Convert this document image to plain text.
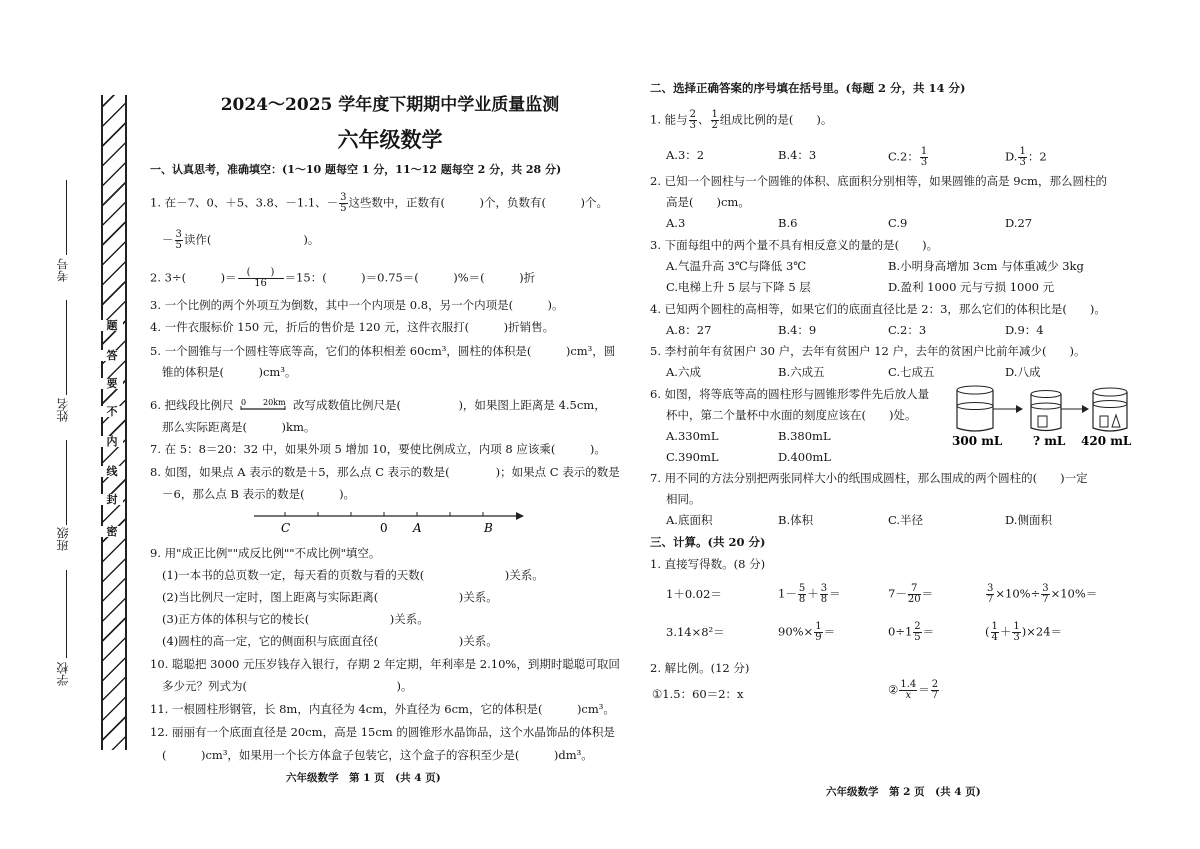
考号
姓名
班级
学校
题
答
要
不
内
线
封
密
2024～2025 学年度下期期中学业质量监测
六年级数学
一、认真思考，准确填空：(1～10 题每空 1 分，11～12 题每空 2 分，共 28 分)
1. 在－7、0、＋5、3.8、－1.1、－ $\frac{3}{5}$ 这些数中，正数有(　　　)个，负数有(　　　)个。
－ $\frac{3}{5}$ 读作(　　　　　　　　)。
2. 3÷(　　　)＝ $\frac{( )}{16} =15$：(　　　)＝0.75＝(　　　)%＝(　　　)折
3. 一个比例的两个外项互为倒数，其中一个内项是 0.8，另一个内项是(　　　)。
4. 一件衣服标价 150 元，折后的售价是 120 元，这件衣服打(　　　)折销售。
5. 一个圆锥与一个圆柱等底等高，它们的体积相差 60cm³，圆柱的体积是(　　　)cm³，圆
锥的体积是(　　　)cm³。
6. 把线段比例尺 0 20km 改写成数值比例尺是(　　　　　)，如果图上距离是 4.5cm，
那么实际距离是(　　　)km。
7. 在 5：8＝20：32 中，如果外项 5 增加 10，要使比例成立，内项 8 应该乘(　　　)。
8. 如图，如果点 A 表示的数是＋5，那么点 C 表示的数是(　　　　)；如果点 C 表示的数是
－6，那么点 B 表示的数是(　　　)。
C	0 A	B
9. 用"成正比例""成反比例""不成比例"填空。
(1)一本书的总页数一定，每天看的页数与看的天数(　　　　　　　)关系。
(2)当比例尺一定时，图上距离与实际距离(　　　　　　　)关系。
(3)正方体的体积与它的棱长(　　　　　　　)关系。
(4)圆柱的高一定，它的侧面积与底面直径(　　　　　　　)关系。
10. 聪聪把 3000 元压岁钱存入银行，存期 2 年定期，年利率是 2.10%，到期时聪聪可取回
多少元？列式为(　　　　　　　　　　　　　)。
11. 一根圆柱形钢管，长 8m，内直径为 4cm，外直径为 6cm，它的体积是(　　　)cm³。
12. 丽丽有一个底面直径是 20cm，高是 15cm 的圆锥形水晶饰品，这个水晶饰品的体积是
(　　　)cm³，如果用一个长方体盒子包装它，这个盒子的容积至少是(　　　)dm³。
六年级数学　第 1 页　(共 4 页)
二、选择正确答案的序号填在括号里。(每题 2 分，共 14 分)
1. 能与 $\frac{2}{3}$ 、 $\frac{1}{2}$ 组成比例的是(　　)。
A.3：2	B.4：3	C.2： $\frac{1}{3}$	D. $\frac{1}{3}$ ：2
2. 已知一个圆柱与一个圆锥的体积、底面积分别相等，如果圆锥的高是 9cm，那么圆柱的
高是(　　)cm。
A.3	B.6	C.9	D.27
3. 下面每组中的两个量不具有相反意义的量的是(　　)。
A.气温升高 3℃与降低 3℃	B.小明身高增加 3cm 与体重减少 3kg
C.电梯上升 5 层与下降 5 层	D.盈利 1000 元与亏损 1000 元
4. 已知两个圆柱的高相等，如果它们的底面直径比是 2：3，那么它们的体积比是(　　)。
A.8：27	B.4：9	C.2：3	D.9：4
5. 李村前年有贫困户 30 户，去年有贫困户 12 户，去年的贫困户比前年减少(　　)。
A.六成	B.六成五	C.七成五	D.八成
6. 如图，将等底等高的圆柱形与圆锥形零件先后放人量
杯中，第二个量杯中水面的刻度应该在(　　)处。
A.330mL	B.380mL
C.390mL	D.400mL
300 mL	? mL 420 mL
7. 用不同的方法分别把两张同样大小的纸围成圆柱，那么围成的两个圆柱的(　　)一定
相同。
A.底面积	B.体积	C.半径	D.侧面积
三、计算。(共 20 分)
1. 直接写得数。(8 分)
1＋0.02＝	$1- \frac{5}{8} + \frac{3}{8}$ ＝	$7- \frac{7}{20}$ ＝	$\frac{3}{7} \times 10\%\div \frac{3}{7} \times 10\%=$
3.14×8²＝	$90\%\times \frac{1}{9}$ ＝	$0\div 1 \frac{2}{5}$ ＝	( $\frac{1}{4} + \frac{1}{3} )\times 24=$
2. 解比例。(12 分)
①1.5：60＝2：x	② $\frac{1.4}{x} = \frac{2}{7}$
六年级数学　第 2 页　(共 4 页)
